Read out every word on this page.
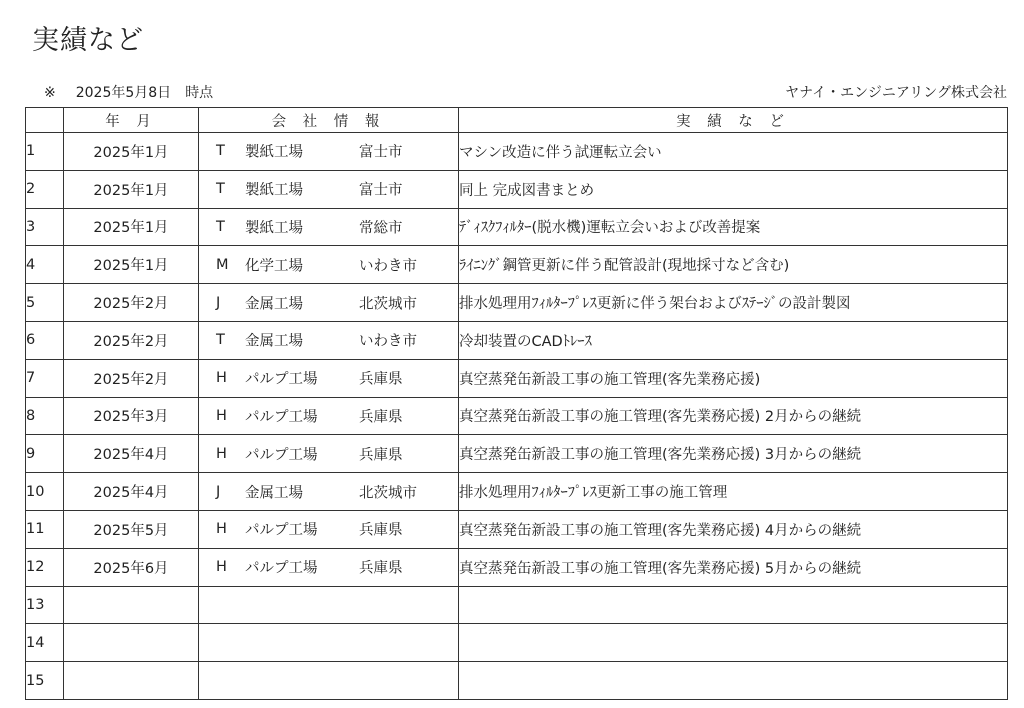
実績など
※ 2025年5月8日 時点	ヤナイ・エンジニアリング株式会社
	年 月	会 社 情 報	実 績 な ど
1	2025年1月	T 製紙工場 富士市	マシン改造に伴う試運転立会い
2	2025年1月	T 製紙工場 富士市	同上 完成図書まとめ
3	2025年1月	T 製紙工場 常総市	ﾃﾞｨｽｸﾌｨﾙﾀｰ(脱水機)運転立会いおよび改善提案
4	2025年1月	M 化学工場 いわき市	ﾗｲﾆﾝｸﾞ鋼管更新に伴う配管設計(現地採寸など含む)
5	2025年2月	J 金属工場 北茨城市	排水処理用ﾌｨﾙﾀｰﾌﾟﾚｽ更新に伴う架台およびｽﾃｰｼﾞの設計製図
6	2025年2月	T 金属工場 いわき市	冷却装置のCADﾄﾚｰｽ
7	2025年2月	H パルプ工場 兵庫県	真空蒸発缶新設工事の施工管理(客先業務応援)
8	2025年3月	H パルプ工場 兵庫県	真空蒸発缶新設工事の施工管理(客先業務応援) 2月からの継続
9	2025年4月	H パルプ工場 兵庫県	真空蒸発缶新設工事の施工管理(客先業務応援) 3月からの継続
10	2025年4月	J 金属工場 北茨城市	排水処理用ﾌｨﾙﾀｰﾌﾟﾚｽ更新工事の施工管理
11	2025年5月	H パルプ工場 兵庫県	真空蒸発缶新設工事の施工管理(客先業務応援) 4月からの継続
12	2025年6月	H パルプ工場 兵庫県	真空蒸発缶新設工事の施工管理(客先業務応援) 5月からの継続
13		

14		

15		
